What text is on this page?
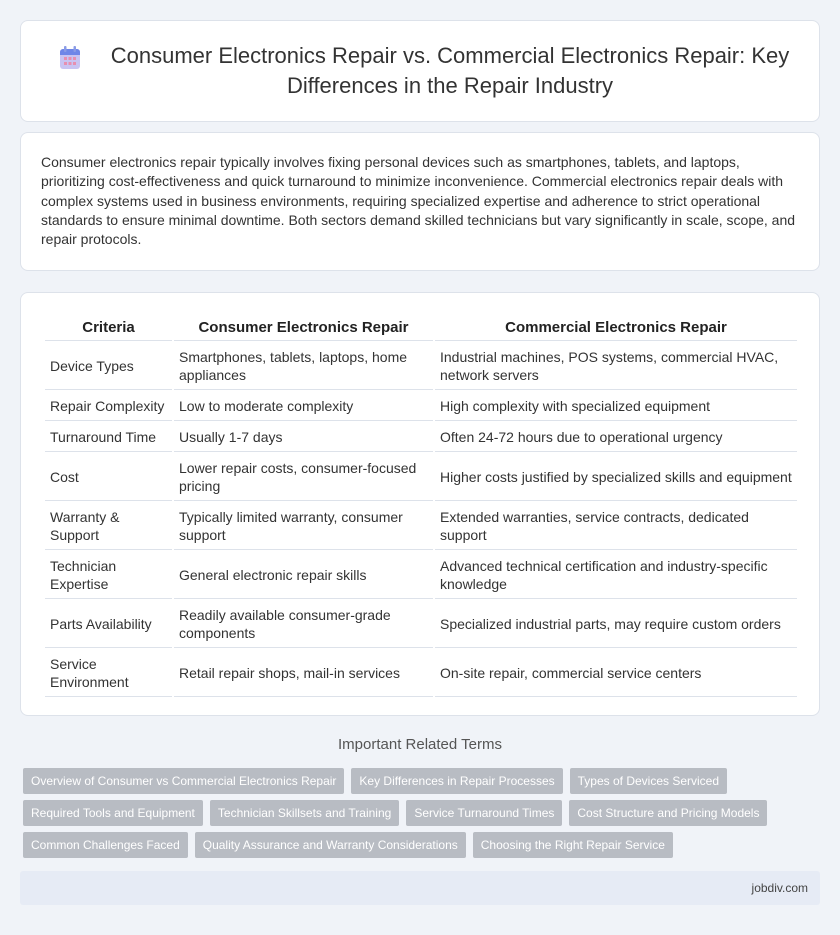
Consumer Electronics Repair vs. Commercial Electronics Repair: Key Differences in the Repair Industry

Consumer electronics repair typically involves fixing personal devices such as smartphones, tablets, and laptops, prioritizing cost-effectiveness and quick turnaround to minimize inconvenience. Commercial electronics repair deals with complex systems used in business environments, requiring specialized expertise and adherence to strict operational standards to ensure minimal downtime. Both sectors demand skilled technicians but vary significantly in scale, scope, and repair protocols.

Criteria	Consumer Electronics Repair	Commercial Electronics Repair
Device Types	Smartphones, tablets, laptops, home appliances	Industrial machines, POS systems, commercial HVAC, network servers
Repair Complexity	Low to moderate complexity	High complexity with specialized equipment
Turnaround Time	Usually 1-7 days	Often 24-72 hours due to operational urgency
Cost	Lower repair costs, consumer-focused pricing	Higher costs justified by specialized skills and equipment
Warranty & Support	Typically limited warranty, consumer support	Extended warranties, service contracts, dedicated support
Technician Expertise	General electronic repair skills	Advanced technical certification and industry-specific knowledge
Parts Availability	Readily available consumer-grade components	Specialized industrial parts, may require custom orders
Service Environment	Retail repair shops, mail-in services	On-site repair, commercial service centers
Important Related Terms
Overview of Consumer vs Commercial Electronics Repair	Key Differences in Repair Processes	Types of Devices Serviced
Required Tools and Equipment	Technician Skillsets and Training	Service Turnaround Times	Cost Structure and Pricing Models
Common Challenges Faced	Quality Assurance and Warranty Considerations	Choosing the Right Repair Service
jobdiv.com
